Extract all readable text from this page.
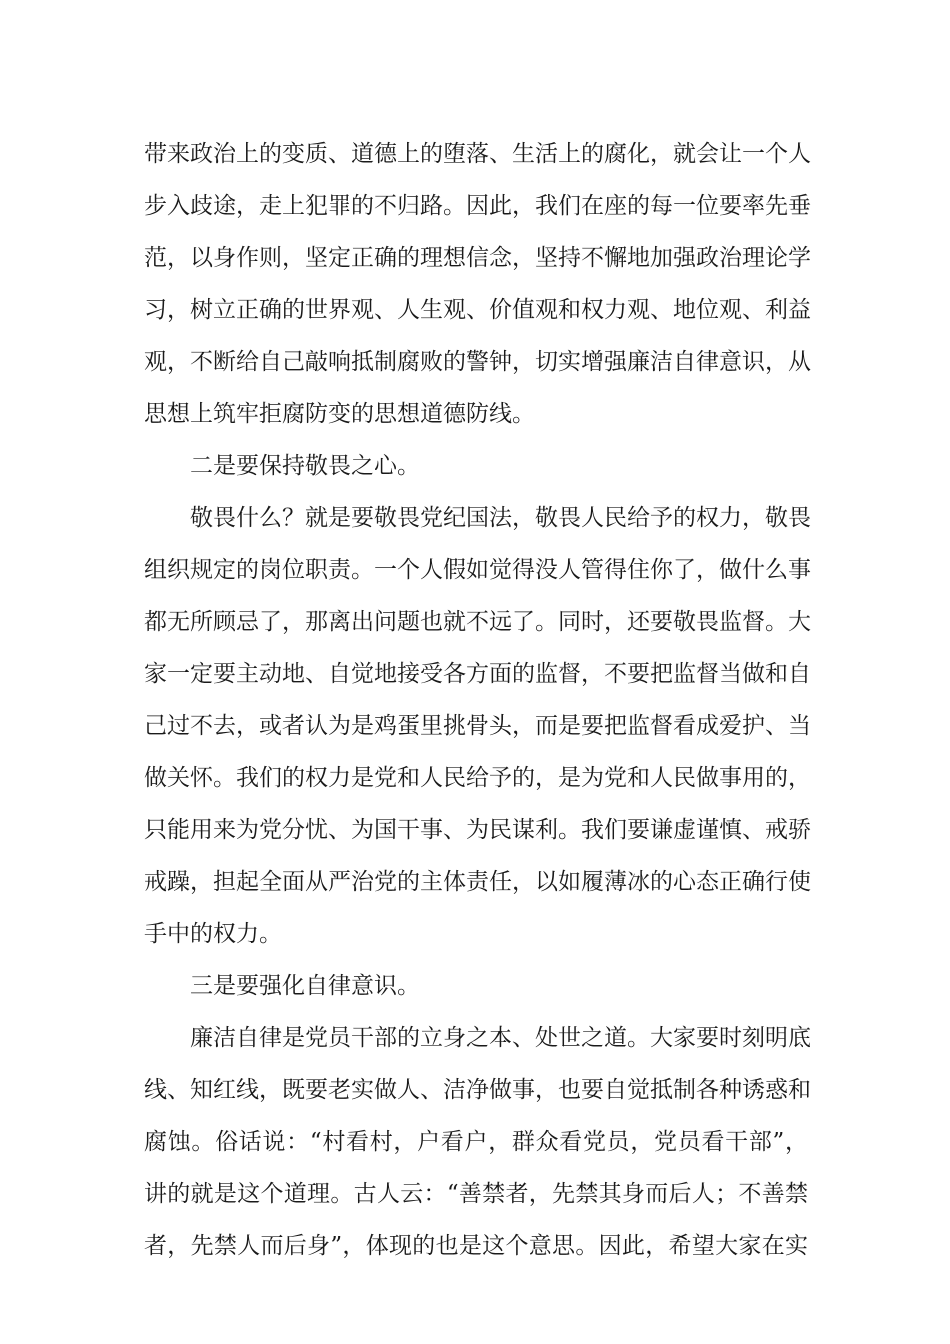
带来政治上的变质、道德上的堕落、生活上的腐化，就会让一个人
步入歧途，走上犯罪的不归路。因此，我们在座的每一位要率先垂
范，以身作则，坚定正确的理想信念，坚持不懈地加强政治理论学
习，树立正确的世界观、人生观、价值观和权力观、地位观、利益
观，不断给自己敲响抵制腐败的警钟，切实增强廉洁自律意识，从
思想上筑牢拒腐防变的思想道德防线。
二是要保持敬畏之心。
敬畏什么？就是要敬畏党纪国法，敬畏人民给予的权力，敬畏
组织规定的岗位职责。一个人假如觉得没人管得住你了，做什么事
都无所顾忌了，那离出问题也就不远了。同时，还要敬畏监督。大
家一定要主动地、自觉地接受各方面的监督，不要把监督当做和自
己过不去，或者认为是鸡蛋里挑骨头，而是要把监督看成爱护、当
做关怀。我们的权力是党和人民给予的，是为党和人民做事用的，
只能用来为党分忧、为国干事、为民谋利。我们要谦虚谨慎、戒骄
戒躁，担起全面从严治党的主体责任，以如履薄冰的心态正确行使
手中的权力。
三是要强化自律意识。
廉洁自律是党员干部的立身之本、处世之道。大家要时刻明底
线、知红线，既要老实做人、洁净做事，也要自觉抵制各种诱惑和
腐蚀。俗话说：“村看村，户看户，群众看党员，党员看干部”，
讲的就是这个道理。古人云：“善禁者，先禁其身而后人；不善禁
者，先禁人而后身”，体现的也是这个意思。因此，希望大家在实
